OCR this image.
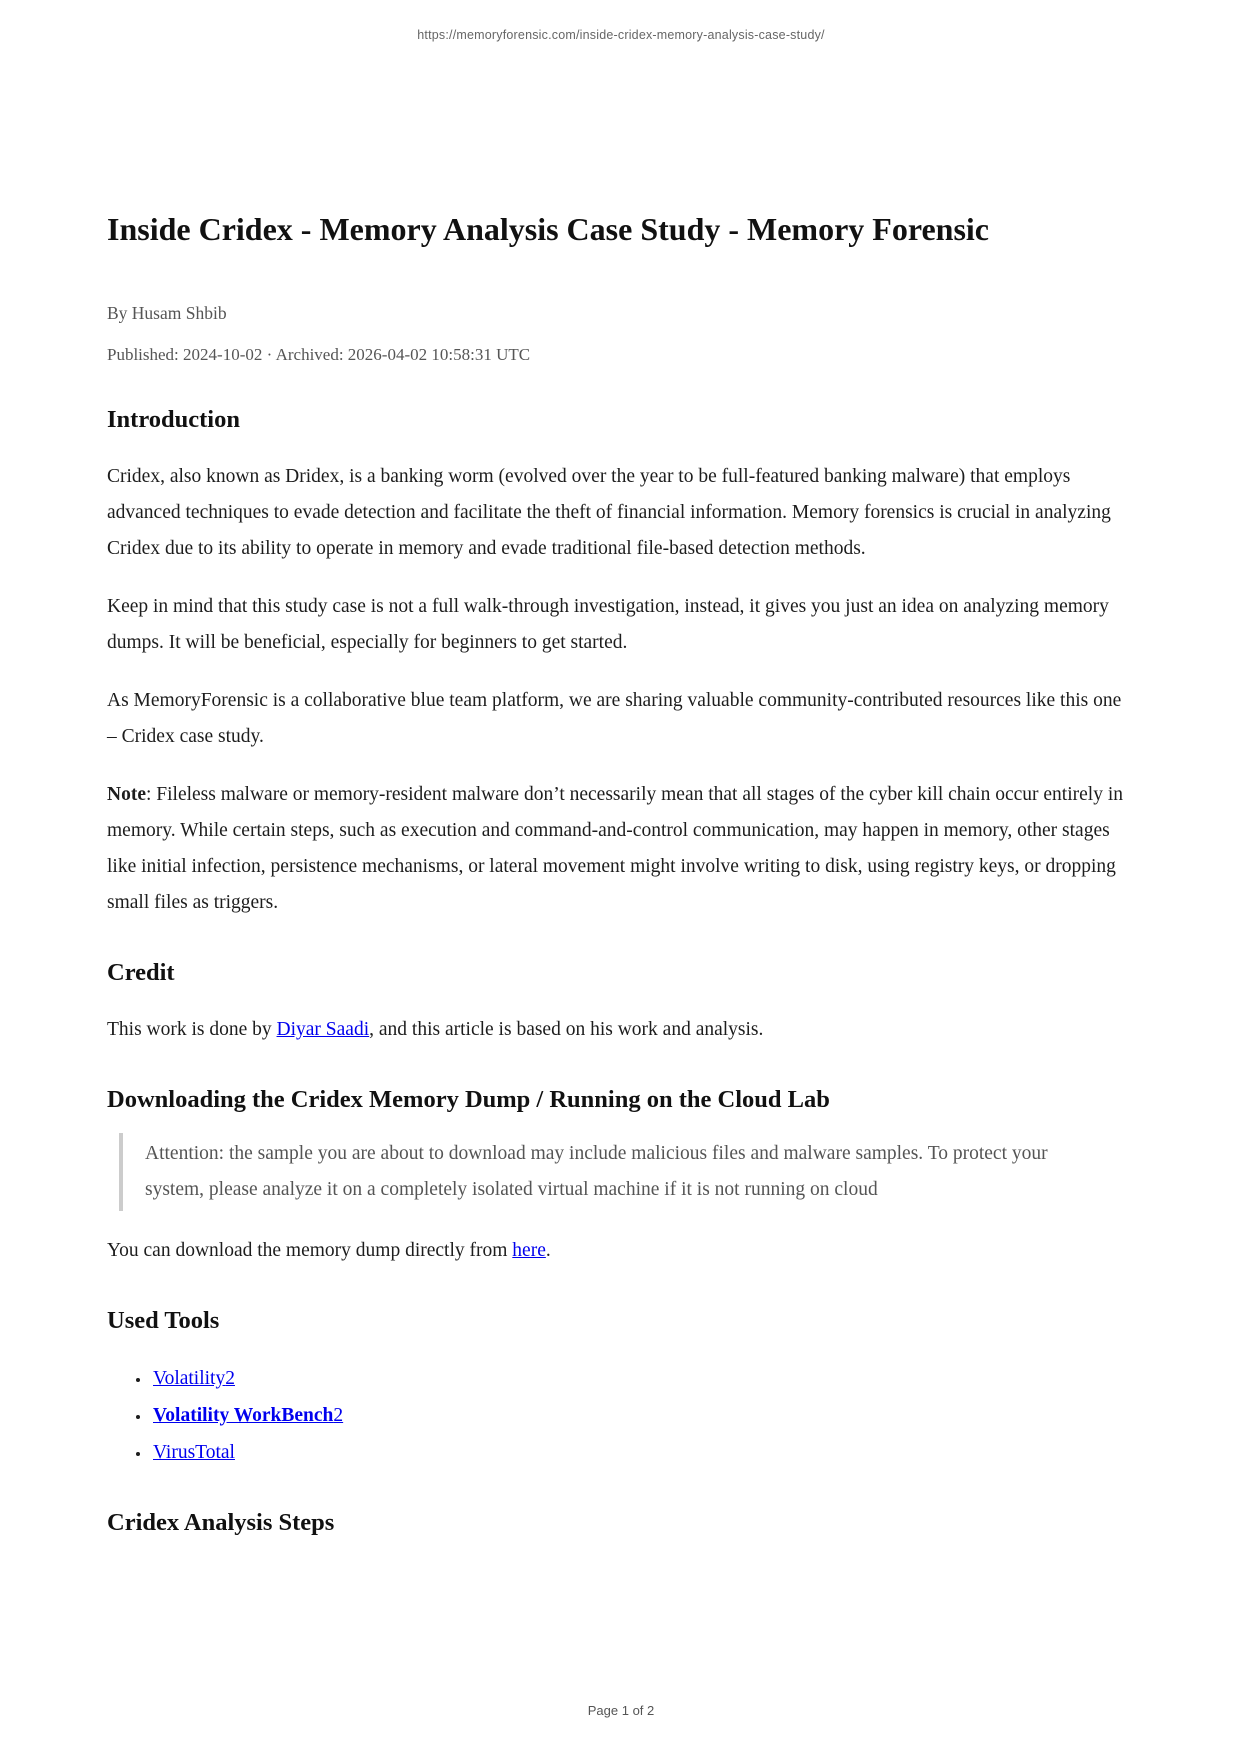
https://memoryforensic.com/inside-cridex-memory-analysis-case-study/
Inside Cridex - Memory Analysis Case Study - Memory Forensic

By Husam Shbib

Published: 2024-10-02 · Archived: 2026-04-02 10:58:31 UTC

Introduction

Cridex, also known as Dridex, is a banking worm (evolved over the year to be full-featured banking malware) that employs advanced techniques to evade detection and facilitate the theft of financial information. Memory forensics is crucial in analyzing Cridex due to its ability to operate in memory and evade traditional file-based detection methods.

Keep in mind that this study case is not a full walk-through investigation, instead, it gives you just an idea on analyzing memory dumps. It will be beneficial, especially for beginners to get started.

As MemoryForensic is a collaborative blue team platform, we are sharing valuable community-contributed resources like this one – Cridex case study.

Note: Fileless malware or memory-resident malware don’t necessarily mean that all stages of the cyber kill chain occur entirely in memory. While certain steps, such as execution and command-and-control communication, may happen in memory, other stages like initial infection, persistence mechanisms, or lateral movement might involve writing to disk, using registry keys, or dropping small files as triggers.

Credit

This work is done by Diyar Saadi, and this article is based on his work and analysis.

Downloading the Cridex Memory Dump / Running on the Cloud Lab

Attention: the sample you are about to download may include malicious files and malware samples. To protect your system, please analyze it on a completely isolated virtual machine if it is not running on cloud

You can download the memory dump directly from here.

Used Tools
• Volatility2
• Volatility WorkBench2
• VirusTotal
Cridex Analysis Steps
Page 1 of 2
